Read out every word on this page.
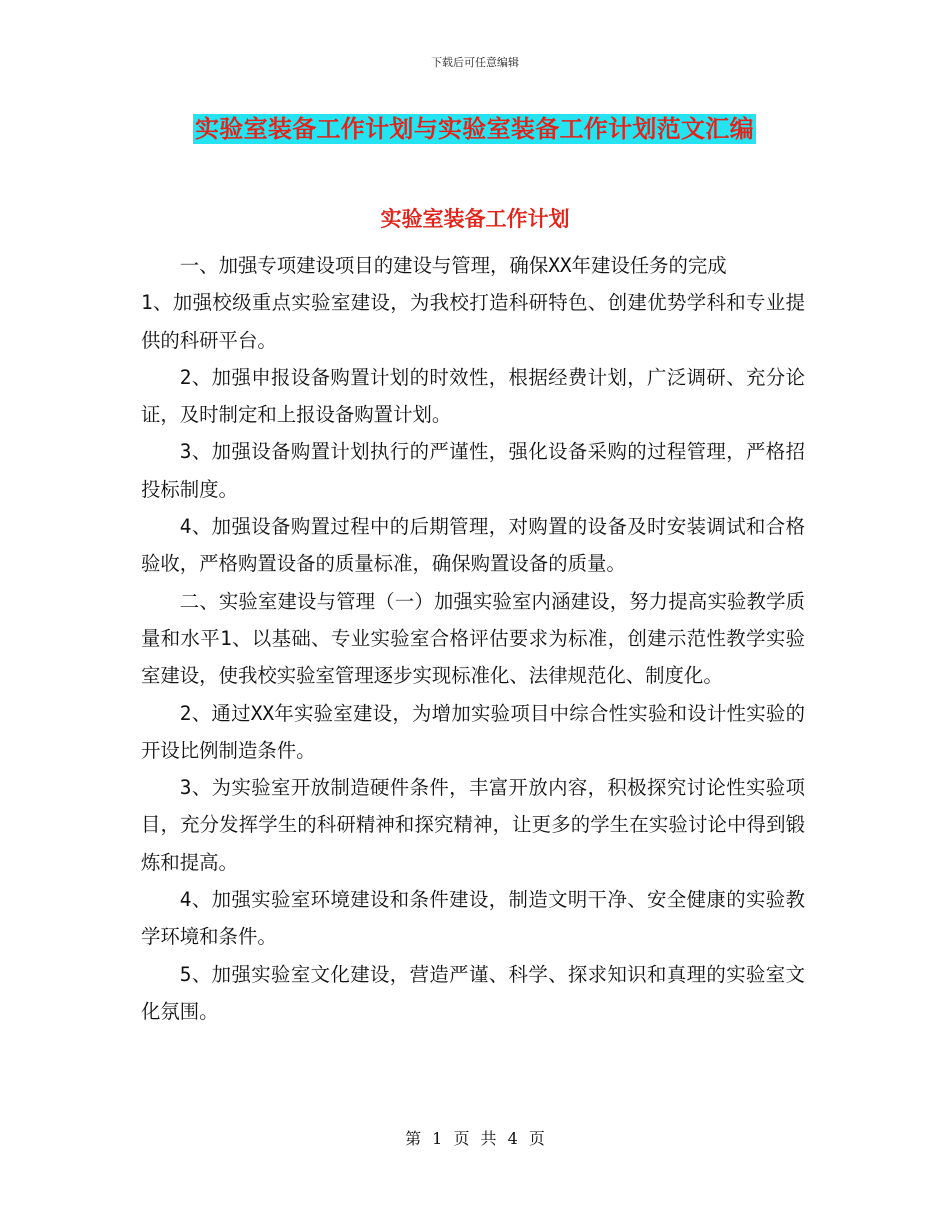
下载后可任意编辑
实验室装备工作计划与实验室装备工作计划范文汇编
实验室装备工作计划

一、加强专项建设项目的建设与管理，确保XX年建设任务的完成

1、加强校级重点实验室建设，为我校打造科研特色、创建优势学科和专业提供的科研平台。

2、加强申报设备购置计划的时效性，根据经费计划，广泛调研、充分论证，及时制定和上报设备购置计划。

3、加强设备购置计划执行的严谨性，强化设备采购的过程管理，严格招投标制度。

4、加强设备购置过程中的后期管理，对购置的设备及时安装调试和合格验收，严格购置设备的质量标准，确保购置设备的质量。

二、实验室建设与管理（一）加强实验室内涵建设，努力提高实验教学质量和水平1、以基础、专业实验室合格评估要求为标准，创建示范性教学实验室建设，使我校实验室管理逐步实现标准化、法律规范化、制度化。

2、通过XX年实验室建设，为增加实验项目中综合性实验和设计性实验的开设比例制造条件。

3、为实验室开放制造硬件条件，丰富开放内容，积极探究讨论性实验项目，充分发挥学生的科研精神和探究精神，让更多的学生在实验讨论中得到锻炼和提高。

4、加强实验室环境建设和条件建设，制造文明干净、安全健康的实验教学环境和条件。

5、加强实验室文化建设，营造严谨、科学、探求知识和真理的实验室文化氛围。

第 1 页 共 4 页
